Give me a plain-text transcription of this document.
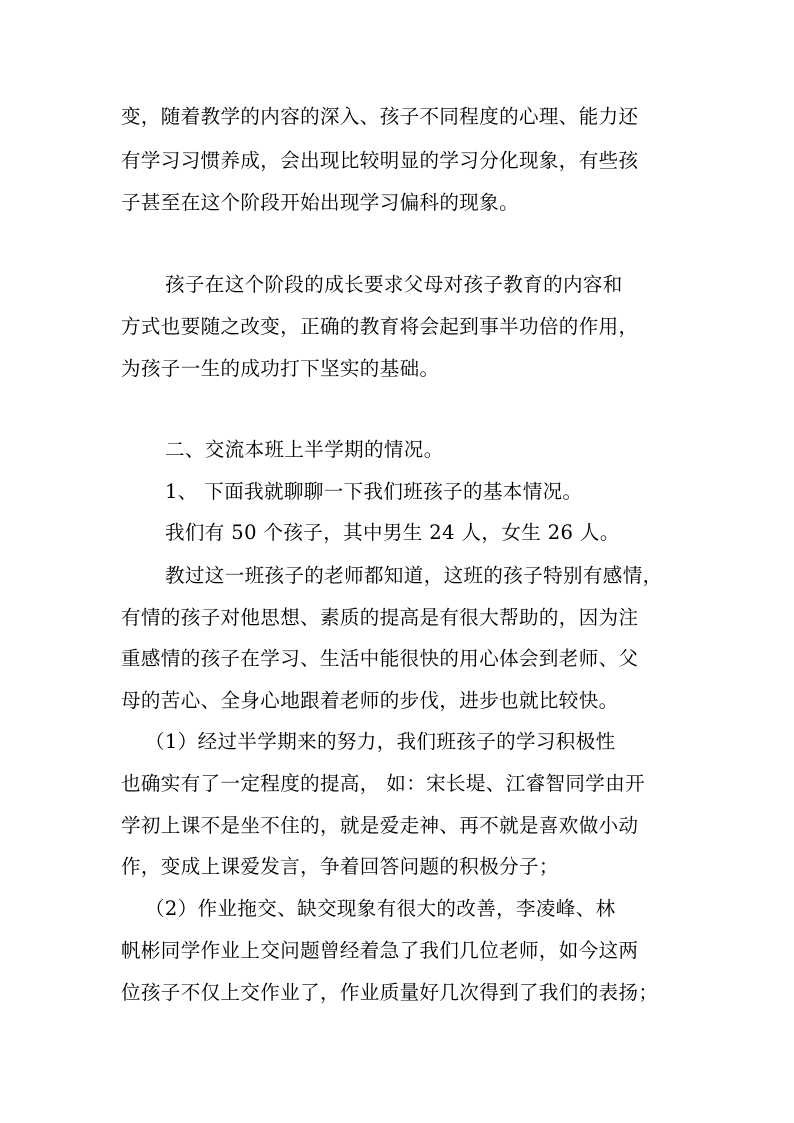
变，随着教学的内容的深入、孩子不同程度的心理、能力还
有学习习惯养成，会出现比较明显的学习分化现象，有些孩
子甚至在这个阶段开始出现学习偏科的现象。
孩子在这个阶段的成长要求父母对孩子教育的内容和
方式也要随之改变，正确的教育将会起到事半功倍的作用，
为孩子一生的成功打下坚实的基础。
二、交流本班上半学期的情况。
1、 下面我就聊聊一下我们班孩子的基本情况。
我们有 50 个孩子，其中男生 24 人，女生 26 人。
教过这一班孩子的老师都知道，这班的孩子特别有感情，
有情的孩子对他思想、素质的提高是有很大帮助的，因为注
重感情的孩子在学习、生活中能很快的用心体会到老师、父
母的苦心、全身心地跟着老师的步伐，进步也就比较快。
（1）经过半学期来的努力，我们班孩子的学习积极性
也确实有了一定程度的提高， 如：宋长堤、江睿智同学由开
学初上课不是坐不住的，就是爱走神、再不就是喜欢做小动
作，变成上课爱发言，争着回答问题的积极分子；
（2）作业拖交、缺交现象有很大的改善，李凌峰、林
帆彬同学作业上交问题曾经着急了我们几位老师，如今这两
位孩子不仅上交作业了，作业质量好几次得到了我们的表扬；
